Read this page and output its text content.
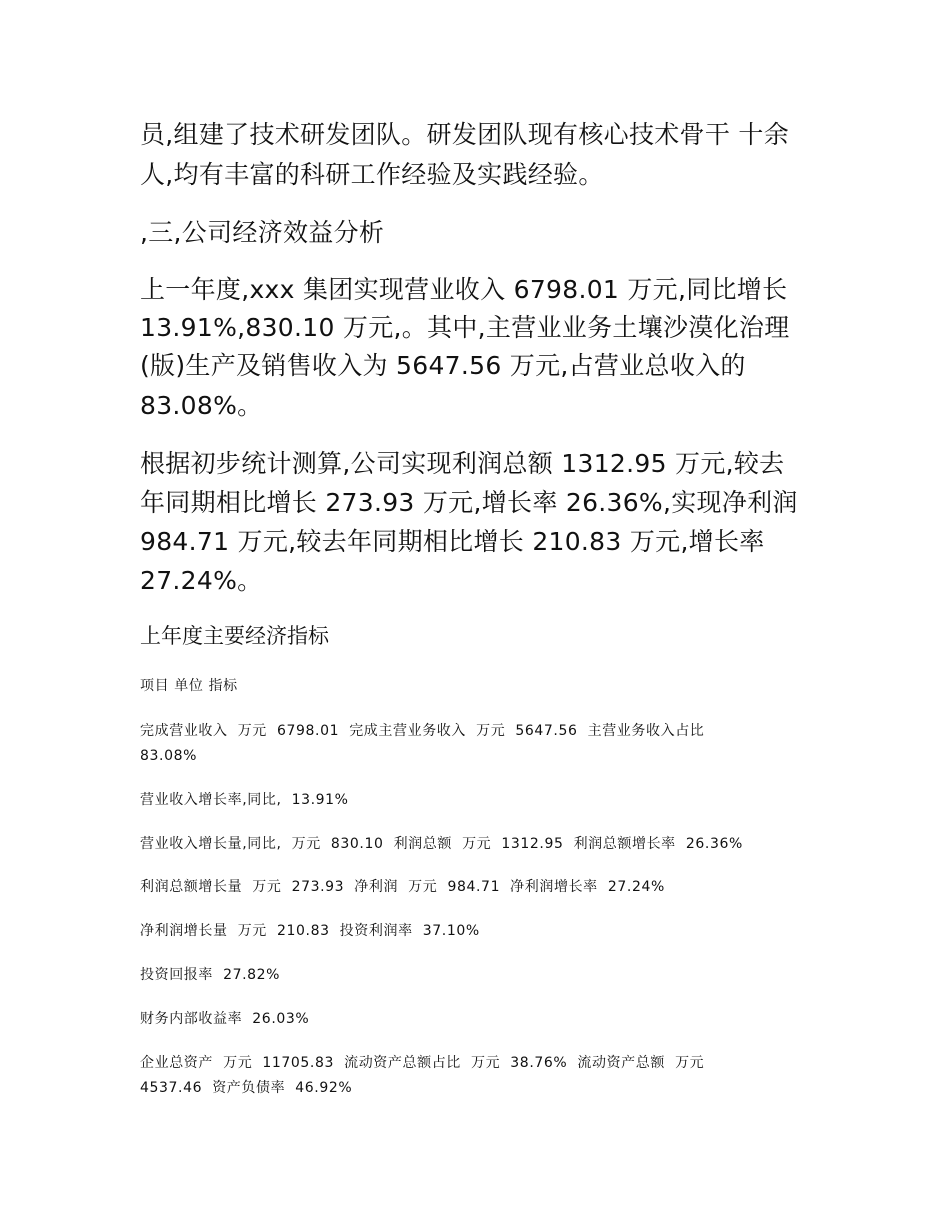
员,组建了技术研发团队。研发团队现有核心技术骨干 十余

人,均有丰富的科研工作经验及实践经验。

,三,公司经济效益分析

上一年度,xxx 集团实现营业收入 6798.01 万元,同比增长

13.91%,830.10 万元,。其中,主营业业务土壤沙漠化治理

(版)生产及销售收入为 5647.56 万元,占营业总收入的

83.08%。

根据初步统计测算,公司实现利润总额 1312.95 万元,较去

年同期相比增长 273.93 万元,增长率 26.36%,实现净利润

984.71 万元,较去年同期相比增长 210.83 万元,增长率

27.24%。

上年度主要经济指标

项目 单位 指标

完成营业收入  万元  6798.01  完成主营业务收入  万元  5647.56  主营业务收入占比

83.08%

营业收入增长率,同比,  13.91%

营业收入增长量,同比,  万元  830.10  利润总额  万元  1312.95  利润总额增长率  26.36%

利润总额增长量  万元  273.93  净利润  万元  984.71  净利润增长率  27.24%

净利润增长量  万元  210.83  投资利润率  37.10%

投资回报率  27.82%

财务内部收益率  26.03%

企业总资产  万元  11705.83  流动资产总额占比  万元  38.76%  流动资产总额  万元

4537.46  资产负债率  46.92%
